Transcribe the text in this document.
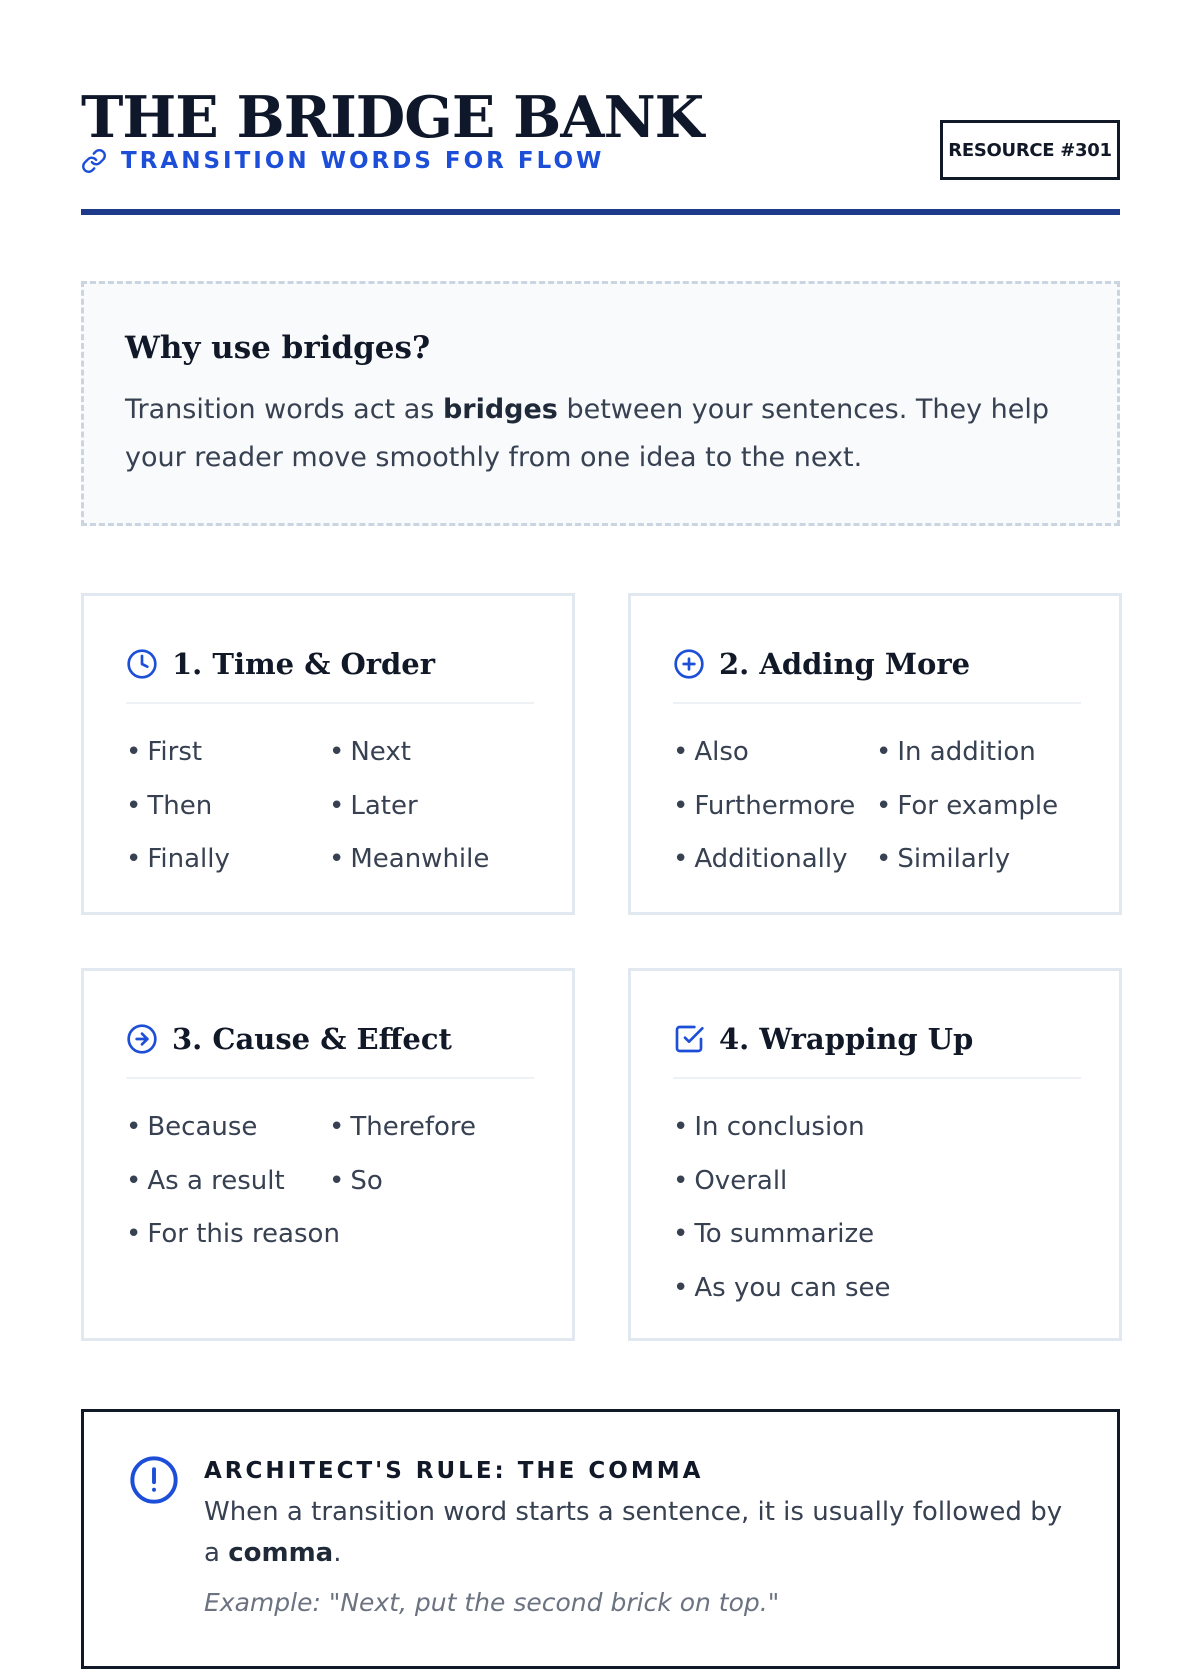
THE BRIDGE BANK
TRANSITION WORDS FOR FLOW	RESOURCE #301
Why use bridges?

Transition words act as bridges between your sentences. They help your reader move smoothly from one idea to the next.

1. Time & Order
• First	• Next
• Then	• Later
• Finally	• Meanwhile
2. Adding More
• Also	• In addition
• Furthermore	• For example
• Additionally	• Similarly
3. Cause & Effect
• Because	• Therefore
• As a result	• So
• For this reason
4. Wrapping Up
• In conclusion
• Overall
• To summarize
• As you can see
ARCHITECT'S RULE: THE COMMA

When a transition word starts a sentence, it is usually followed by a comma.

Example: "Next, put the second brick on top."
